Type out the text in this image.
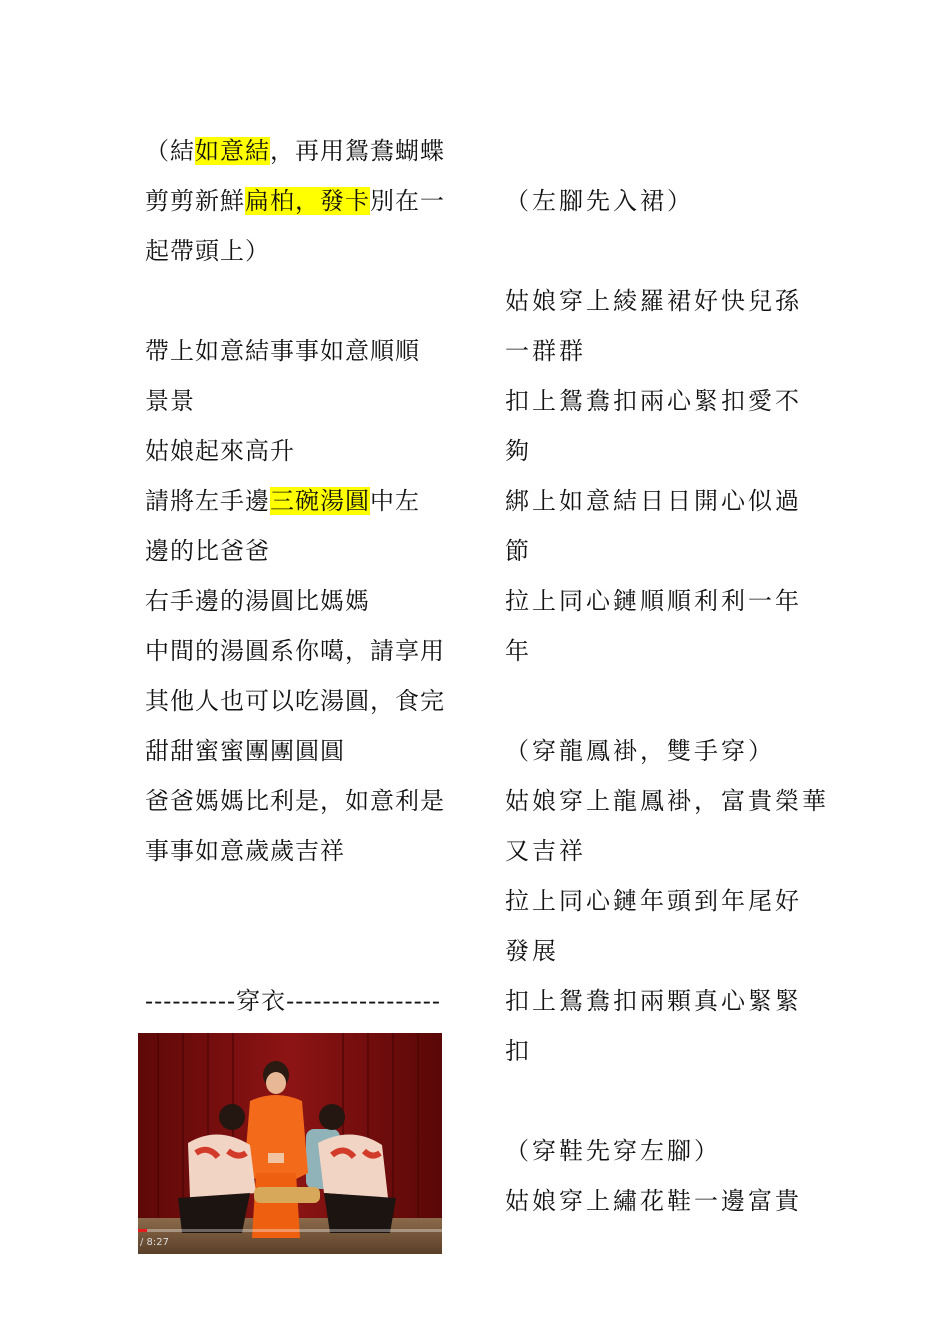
（結如意結，再用鴛鴦蝴蝶
剪剪新鮮扁柏，發卡別在一
起帶頭上）
帶上如意結事事如意順順
景景
姑娘起來高升
請將左手邊三碗湯圓中左
邊的比爸爸
右手邊的湯圓比媽媽
中間的湯圓系你噶，請享用
其他人也可以吃湯圓，食完
甜甜蜜蜜團團圓圓
爸爸媽媽比利是，如意利是
事事如意歲歲吉祥
----------穿衣-----------------
（左腳先入裙）
姑娘穿上綾羅裙好快兒孫
一群群
扣上鴛鴦扣兩心緊扣愛不
夠
綁上如意結日日開心似過
節
拉上同心鏈順順利利一年
年
（穿龍鳳褂，雙手穿）
姑娘穿上龍鳳褂，富貴榮華
又吉祥
拉上同心鏈年頭到年尾好
發展
扣上鴛鴦扣兩顆真心緊緊
扣
（穿鞋先穿左腳）
姑娘穿上繡花鞋一邊富貴
/ 8:27
